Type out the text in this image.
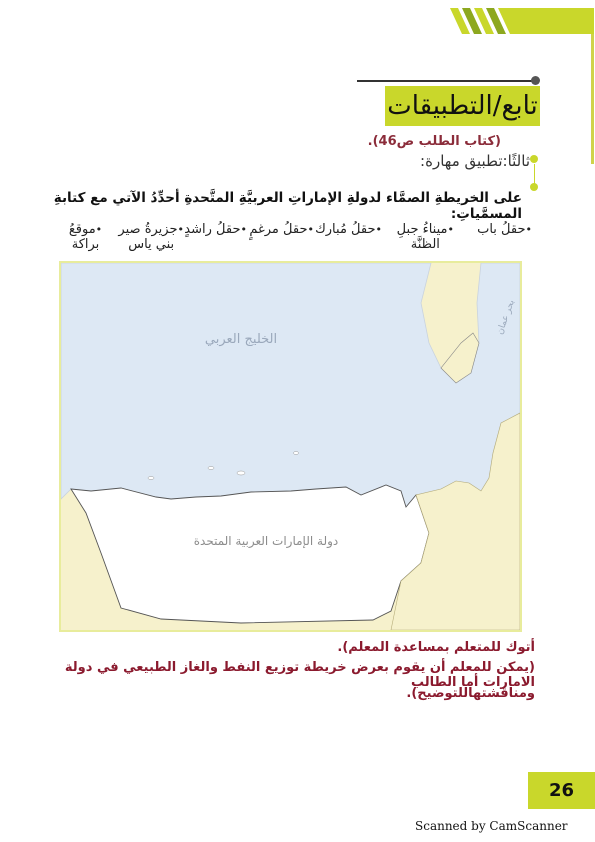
تابع/التطبيقات
(كتاب الطلب ص46).
ثالثًا:تطبيق مهارة:
على الخريطةِ الصمَّاء لدولةِ الإماراتِ العربيَّةِ المتَّحدةِ أحدِّدُ الآتي مع كتابةِ المسمَّياتِ:
•حقلُ باب
•ميناءُ جبلِ
الظنَّة
•حقلُ مُبارك
•حقلُ مرغمٍ
•حقلُ راشدٍ
•جزيرةُ صير
بني ياس
•موقعُ براكة
الخليج العربي
دولة الإمارات العربية المتحدة
بحر عمان
أتوك للمتعلم بمساعدة المعلم).
(يمكن للمعلم أن يقوم بعرض خريطة توزيع النفط والغاز الطبيعي في دولة الامارات أما الطالب
ومناقشتهاللتوضيح).
26
Scanned by CamScanner
